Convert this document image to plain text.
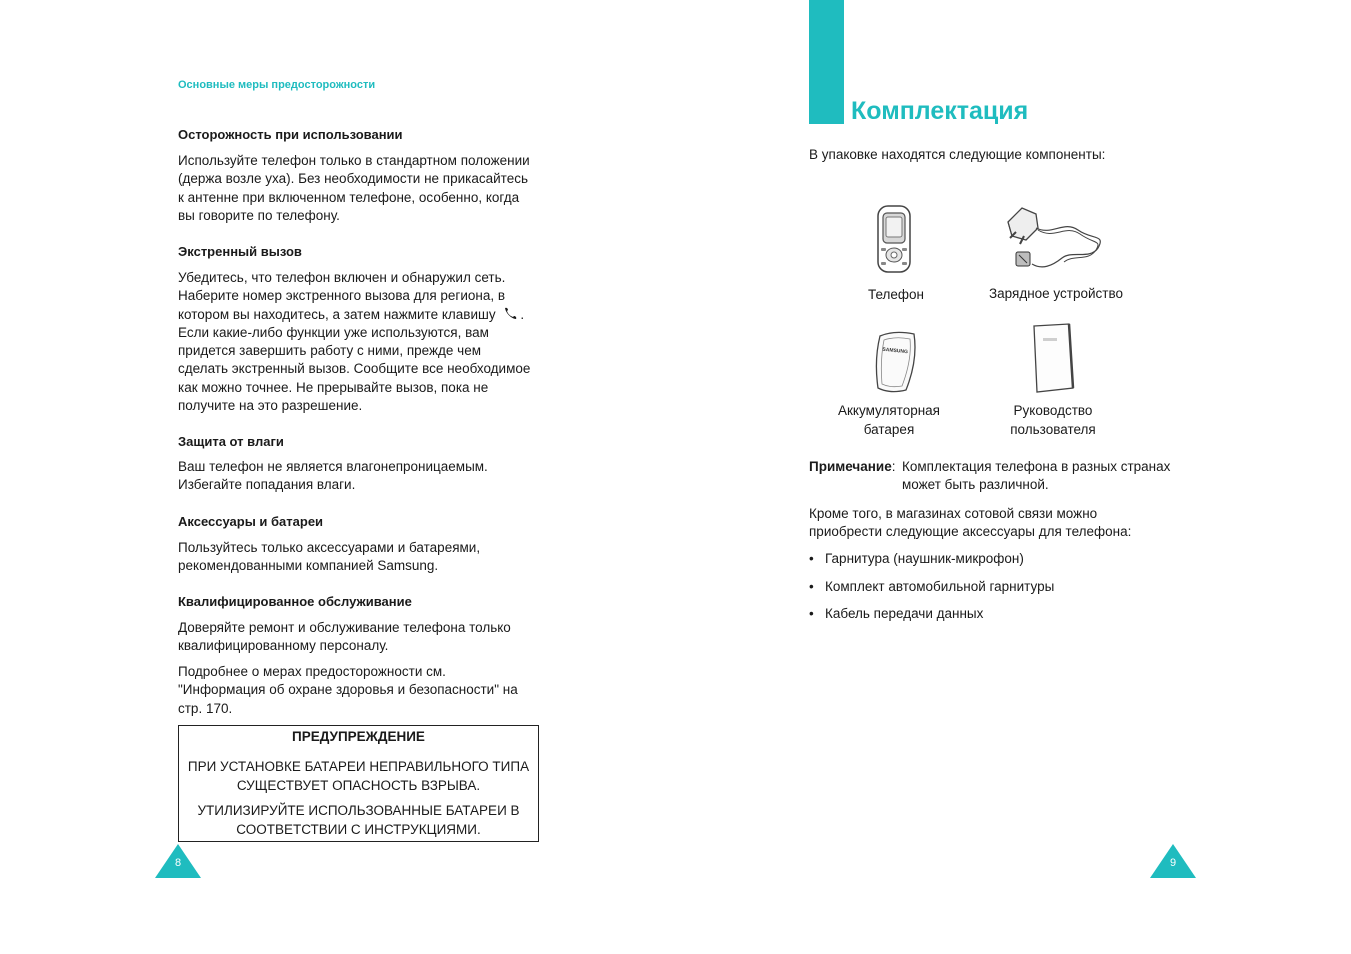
Основные меры предосторожности
Осторожность при использовании
Используйте телефон только в стандартном положении
(держа возле уха). Без необходимости не прикасайтесь
к антенне при включенном телефоне, особенно, когда
вы говорите по телефону.
Экстренный вызов
Убедитесь, что телефон включен и обнаружил сеть.
Наберите номер экстренного вызова для региона, в
котором вы находитесь, а затем нажмите клавишу .
Если какие-либо функции уже используются, вам
придется завершить работу с ними, прежде чем
сделать экстренный вызов. Сообщите все необходимое
как можно точнее. Не прерывайте вызов, пока не
получите на это разрешение.
Защита от влаги
Ваш телефон не является влагонепроницаемым.
Избегайте попадания влаги.
Аксессуары и батареи
Пользуйтесь только аксессуарами и батареями,
рекомендованными компанией Samsung.
Квалифицированное обслуживание
Доверяйте ремонт и обслуживание телефона только
квалифицированному персоналу.
Подробнее о мерах предосторожности см.
"Информация об охране здоровья и безопасности" на
стр. 170.
ПРЕДУПРЕЖДЕНИЕ
ПРИ УСТАНОВКЕ БАТАРЕИ НЕПРАВИЛЬНОГО ТИПА
СУЩЕСТВУЕТ ОПАСНОСТЬ ВЗРЫВА.
УТИЛИЗИРУЙТЕ ИСПОЛЬЗОВАННЫЕ БАТАРЕИ В
СООТВЕТСТВИИ С ИНСТРУКЦИЯМИ.
8
Комплектация
В упаковке находятся следующие компоненты:
Телефон	Зарядное устройство
SAMSUNG
Аккумуляторная
батарея
Руководство
пользователя
Примечание: Комплектация телефона в разных странах
может быть различной.
Кроме того, в магазинах сотовой связи можно
приобрести следующие аксессуары для телефона:
• Гарнитура (наушник-микрофон)
• Комплект автомобильной гарнитуры
• Кабель передачи данных
9
